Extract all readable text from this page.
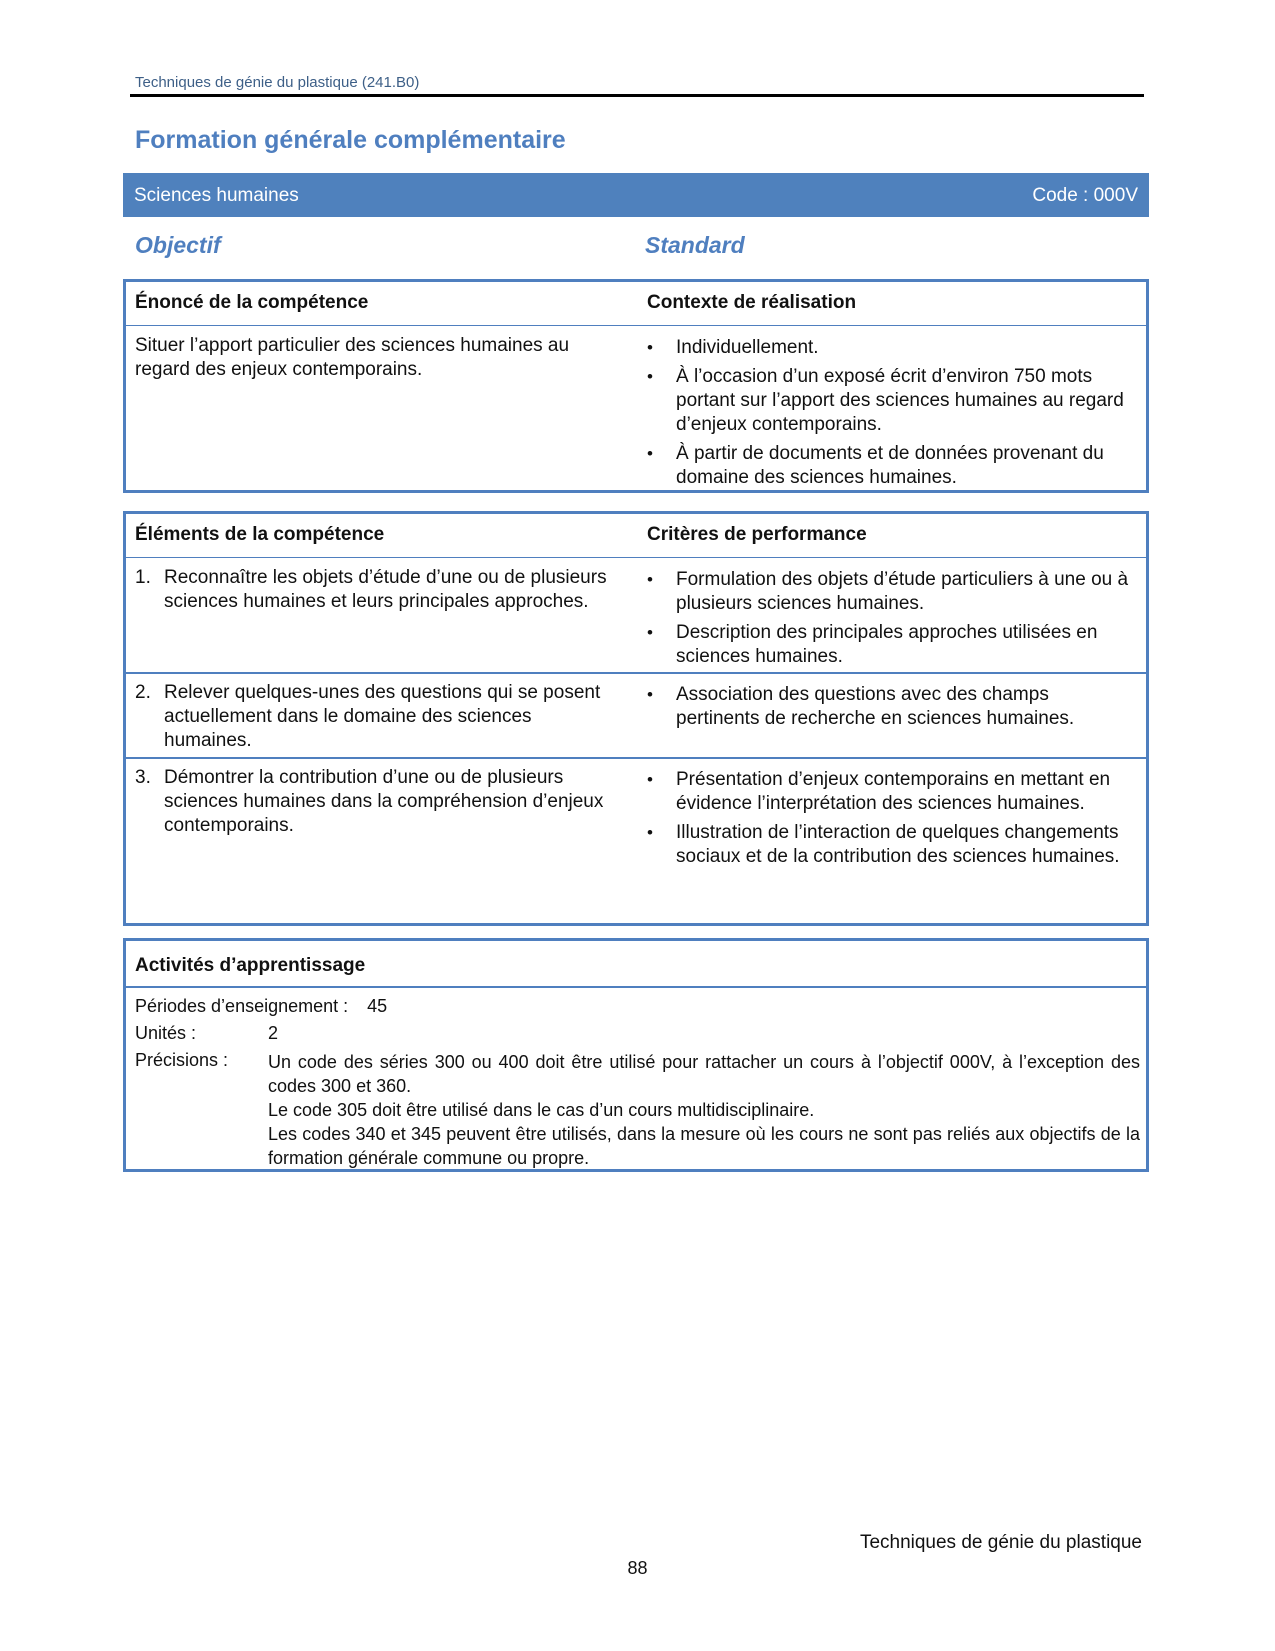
Techniques de génie du plastique (241.B0)
Formation générale complémentaire
Sciences humaines	Code : 000V
Objectif	Standard
Énoncé de la compétence	Contexte de réalisation
Situer l’apport particulier des sciences humaines au regard des enjeux contemporains.
• Individuellement.
• À l’occasion d’un exposé écrit d’environ 750 mots portant sur l’apport des sciences humaines au regard d’enjeux contemporains.
• À partir de documents et de données provenant du domaine des sciences humaines.
Éléments de la compétence	Critères de performance
1. Reconnaître les objets d’étude d’une ou de plusieurs sciences humaines et leurs principales approches.
• Formulation des objets d’étude particuliers à une ou à plusieurs sciences humaines.
• Description des principales approches utilisées en sciences humaines.
2. Relever quelques-unes des questions qui se posent actuellement dans le domaine des sciences humaines.
• Association des questions avec des champs pertinents de recherche en sciences humaines.
3. Démontrer la contribution d’une ou de plusieurs sciences humaines dans la compréhension d’enjeux contemporains.
• Présentation d’enjeux contemporains en mettant en évidence l’interprétation des sciences humaines.
• Illustration de l’interaction de quelques changements sociaux et de la contribution des sciences humaines.
Activités d’apprentissage
Périodes d’enseignement : 45
Unités :	2
Précisions : Un code des séries 300 ou 400 doit être utilisé pour rattacher un cours à l’objectif 000V, à l’exception des codes 300 et 360.

Le code 305 doit être utilisé dans le cas d’un cours multidisciplinaire.

Les codes 340 et 345 peuvent être utilisés, dans la mesure où les cours ne sont pas reliés aux objectifs de la formation générale commune ou propre.

Techniques de génie du plastique
88
